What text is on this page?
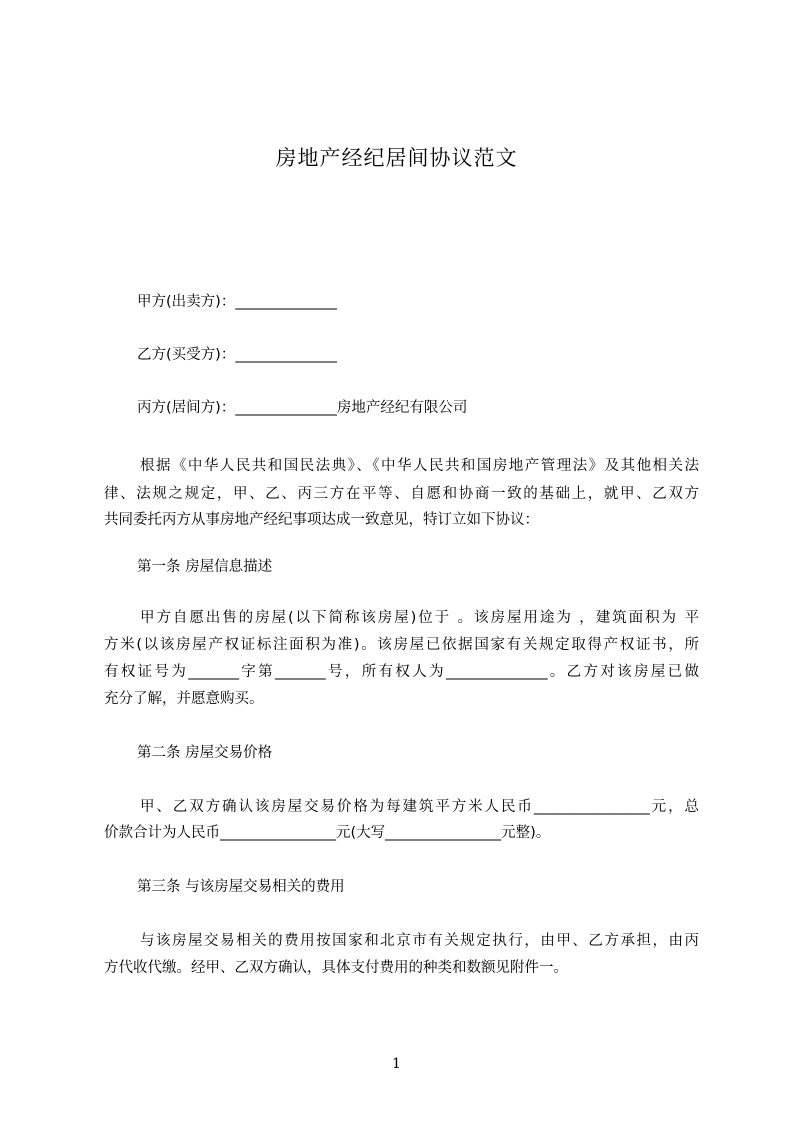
房地产经纪居间协议范文
甲方(出卖方)：______________
乙方(买受方)：______________
丙方(居间方)：______________房地产经纪有限公司
根据《中华人民共和国民法典》、《中华人民共和国房地产管理法》及其他相关法
律、法规之规定，甲、乙、丙三方在平等、自愿和协商一致的基础上，就甲、乙双方
共同委托丙方从事房地产经纪事项达成一致意见，特订立如下协议：
第一条 房屋信息描述
甲方自愿出售的房屋(以下简称该房屋)位于 。该房屋用途为 ，建筑面积为 平
方米(以该房屋产权证标注面积为准)。该房屋已依据国家有关规定取得产权证书，所
有权证号为_______字第_______号，所有权人为______________。乙方对该房屋已做
充分了解，并愿意购买。
第二条 房屋交易价格
甲、乙双方确认该房屋交易价格为每建筑平方米人民币________________元，总
价款合计为人民币________________元(大写________________元整)。
第三条 与该房屋交易相关的费用
与该房屋交易相关的费用按国家和北京市有关规定执行，由甲、乙方承担，由丙
方代收代缴。经甲、乙双方确认，具体支付费用的种类和数额见附件一。
1
